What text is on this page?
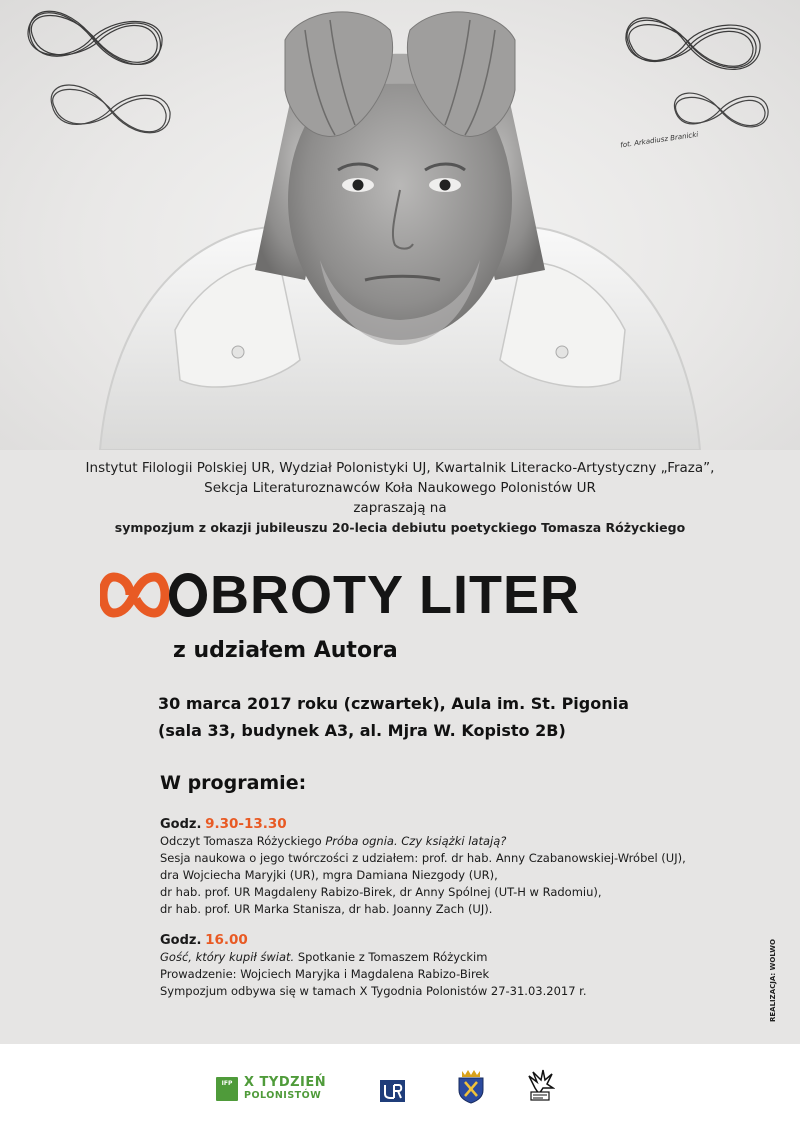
fot. Arkadiusz Branicki
Instytut Filologii Polskiej UR, Wydział Polonistyki UJ, Kwartalnik Literacko-Artystyczny „Fraza”,
Sekcja Literaturoznawców Koła Naukowego Polonistów UR
zapraszają na
sympozjum z okazji jubileuszu 20-lecia debiutu poetyckiego Tomasza Różyckiego
BROTY LITER
z udziałem Autora
30 marca 2017 roku (czwartek), Aula im. St. Pigonia
(sala 33, budynek A3, al. Mjra W. Kopisto 2B)
W programie:
Godz. 9.30-13.30
Odczyt Tomasza Różyckiego Próba ognia. Czy książki latają?
Sesja naukowa o jego twórczości z udziałem: prof. dr hab. Anny Czabanowskiej-Wróbel (UJ),
dra Wojciecha Maryjki (UR), mgra Damiana Niezgody (UR),
dr hab. prof. UR Magdaleny Rabizo-Birek, dr Anny Spólnej (UT-H w Radomiu),
dr hab. prof. UR Marka Stanisza, dr hab. Joanny Zach (UJ).
Godz. 16.00
Gość, który kupił świat. Spotkanie z Tomaszem Różyckim
Prowadzenie: Wojciech Maryjka i Magdalena Rabizo-Birek
Sympozjum odbywa się w tamach X Tygodnia Polonistów 27-31.03.2017 r.	REALIZACJA: WOLWO
IFP X TYDZIEŃ
POLONISTÓW
